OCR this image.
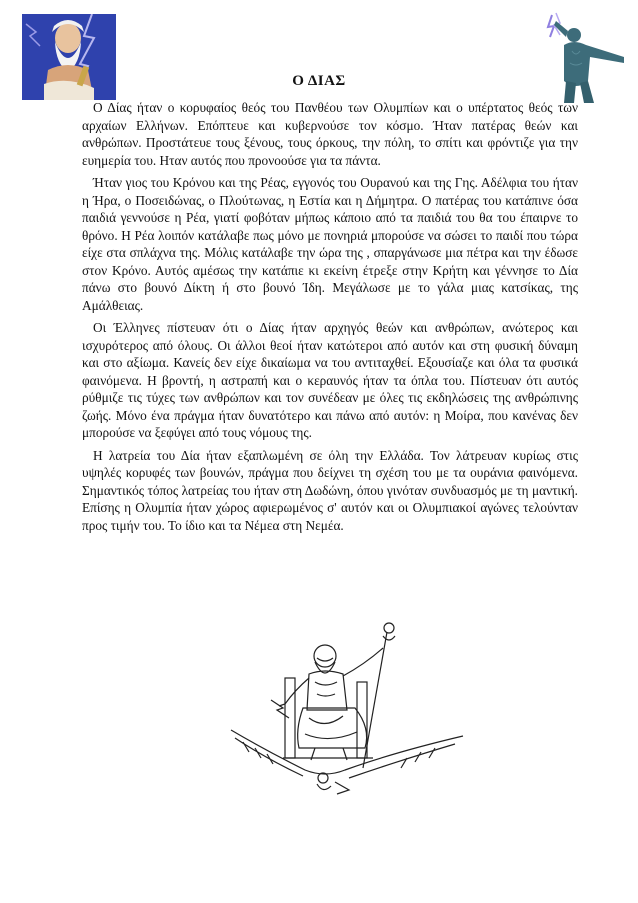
Ο ΔΙΑΣ

Ο Δίας ήταν ο κορυφαίος θεός του Πανθέου των Ολυμπίων και ο υπέρτατος θεός των αρχαίων Ελλήνων. Επόπτευε και κυβερνούσε τον κόσμο. Ήταν πατέρας θεών και ανθρώπων. Προστάτευε τους ξένους, τους όρκους, την πόλη, το σπίτι και φρόντιζε για την ευημερία του. Ηταν αυτός που προνοούσε για τα πάντα.

Ήταν γιος του Κρόνου και της Ρέας, εγγονός του Ουρανού και της Γης. Αδέλφια του ήταν η Ήρα, ο Ποσειδώνας, ο Πλούτωνας, η Εστία και η Δήμητρα. Ο πατέρας του κατάπινε όσα παιδιά γεννούσε η Ρέα, γιατί φοβόταν μήπως κάποιο από τα παιδιά του θα του έπαιρνε το θρόνο. Η Ρέα λοιπόν κατάλαβε πως μόνο με πονηριά μπορούσε να σώσει το παιδί που τώρα είχε στα σπλάχνα της. Μόλις κατάλαβε την ώρα της , σπαργάνωσε μια πέτρα και την έδωσε στον Κρόνο. Αυτός αμέσως την κατάπιε κι εκείνη έτρεξε στην Κρήτη και γέννησε το Δία πάνω στο βουνό Δίκτη ή στο βουνό Ίδη. Μεγάλωσε με το γάλα μιας κατσίκας, της Αμάλθειας.

Οι Έλληνες πίστευαν ότι ο Δίας ήταν αρχηγός θεών και ανθρώπων, ανώτερος και ισχυρότερος από όλους. Οι άλλοι θεοί ήταν κατώτεροι από αυτόν και στη φυσική δύναμη και στο αξίωμα. Κανείς δεν είχε δικαίωμα να του αντιταχθεί. Εξουσίαζε και όλα τα φυσικά φαινόμενα. Η βροντή, η αστραπή και ο κεραυνός ήταν τα όπλα του. Πίστευαν ότι αυτός ρύθμιζε τις τύχες των ανθρώπων και τον συνέδεαν με όλες τις εκδηλώσεις της ανθρώπινης ζωής. Μόνο ένα πράγμα ήταν δυνατότερο και πάνω από αυτόν: η Μοίρα, που κανένας δεν μπορούσε να ξεφύγει από τους νόμους της.

Η λατρεία του Δία ήταν εξαπλωμένη σε όλη την Ελλάδα. Τον λάτρευαν κυρίως στις υψηλές κορυφές των βουνών, πράγμα που δείχνει τη σχέση του με τα ουράνια φαινόμενα. Σημαντικός τόπος λατρείας του ήταν στη Δωδώνη, όπου γινόταν συνδυασμός με τη μαντική. Επίσης η Ολυμπία ήταν χώρος αφιερωμένος σ' αυτόν και οι Ολυμπιακοί αγώνες τελούνταν προς τιμήν του. Το ίδιο και τα Νέμεα στη Νεμέα.
